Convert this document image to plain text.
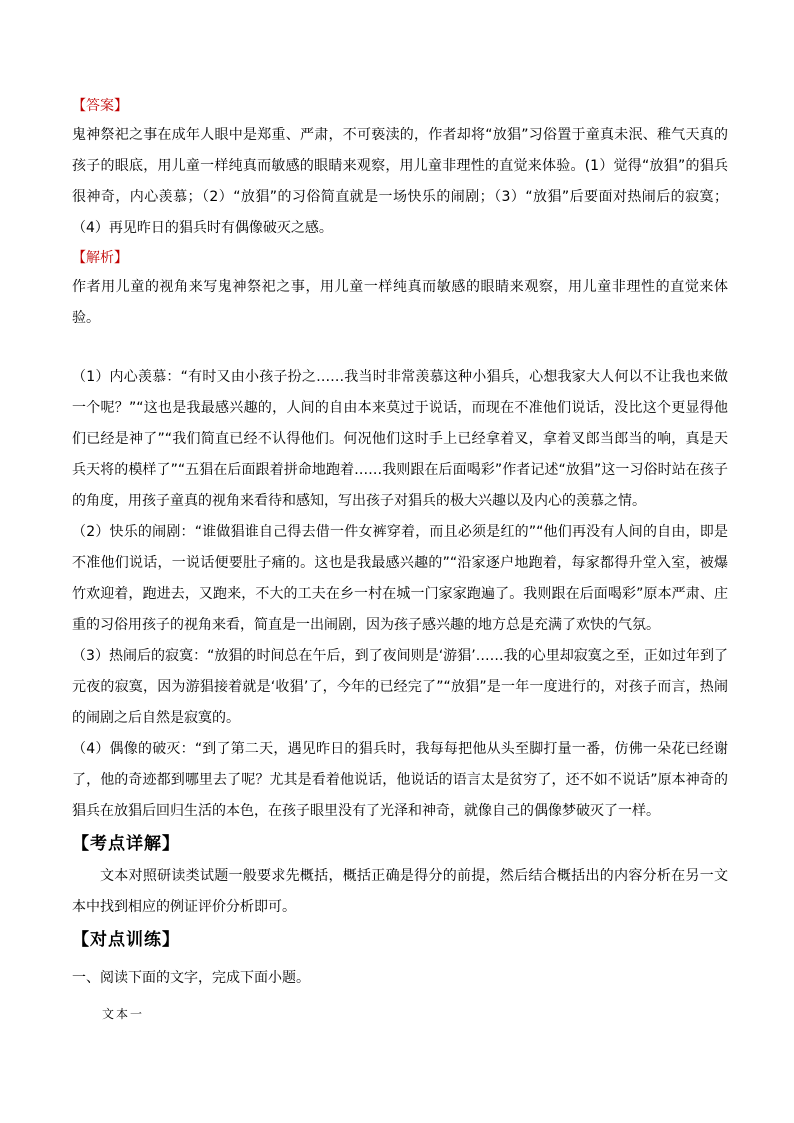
【答案】

鬼神祭祀之事在成年人眼中是郑重、严肃，不可亵渎的，作者却将“放猖”习俗置于童真未泯、稚气天真的孩子的眼底，用儿童一样纯真而敏感的眼睛来观察，用儿童非理性的直觉来体验。(1）觉得“放猖”的猖兵很神奇，内心羡慕；（2）“放猖”的习俗简直就是一场快乐的闹剧；（3）“放猖”后要面对热闹后的寂寞；（4）再见昨日的猖兵时有偶像破灭之感。

【解析】

作者用儿童的视角来写鬼神祭祀之事，用儿童一样纯真而敏感的眼睛来观察，用儿童非理性的直觉来体验。

（1）内心羡慕：“有时又由小孩子扮之……我当时非常羡慕这种小猖兵，心想我家大人何以不让我也来做一个呢？”“这也是我最感兴趣的，人间的自由本来莫过于说话，而现在不准他们说话，没比这个更显得他们已经是神了”“我们简直已经不认得他们。何况他们这时手上已经拿着叉，拿着叉郎当郎当的响，真是天兵天将的模样了”“五猖在后面跟着拼命地跑着……我则跟在后面喝彩”作者记述“放猖”这一习俗时站在孩子的角度，用孩子童真的视角来看待和感知，写出孩子对猖兵的极大兴趣以及内心的羡慕之情。

（2）快乐的闹剧：“谁做猖谁自己得去借一件女裤穿着，而且必须是红的”“他们再没有人间的自由，即是不准他们说话，一说话便要肚子痛的。这也是我最感兴趣的”“沿家逐户地跑着，每家都得升堂入室，被爆竹欢迎着，跑进去，又跑来，不大的工夫在乡一村在城一门家家跑遍了。我则跟在后面喝彩”原本严肃、庄重的习俗用孩子的视角来看，简直是一出闹剧，因为孩子感兴趣的地方总是充满了欢快的气氛。

（3）热闹后的寂寞：“放猖的时间总在午后，到了夜间则是‘游猖’……我的心里却寂寞之至，正如过年到了元夜的寂寞，因为游猖接着就是‘收猖’了，今年的已经完了”“放猖”是一年一度进行的，对孩子而言，热闹的闹剧之后自然是寂寞的。

（4）偶像的破灭：“到了第二天，遇见昨日的猖兵时，我每每把他从头至脚打量一番，仿佛一朵花已经谢了，他的奇迹都到哪里去了呢？尤其是看着他说话，他说话的语言太是贫穷了，还不如不说话”原本神奇的猖兵在放猖后回归生活的本色，在孩子眼里没有了光泽和神奇，就像自己的偶像梦破灭了一样。

【考点详解】

文本对照研读类试题一般要求先概括，概括正确是得分的前提，然后结合概括出的内容分析在另一文本中找到相应的例证评价分析即可。

【对点训练】

一、阅读下面的文字，完成下面小题。

文本一
